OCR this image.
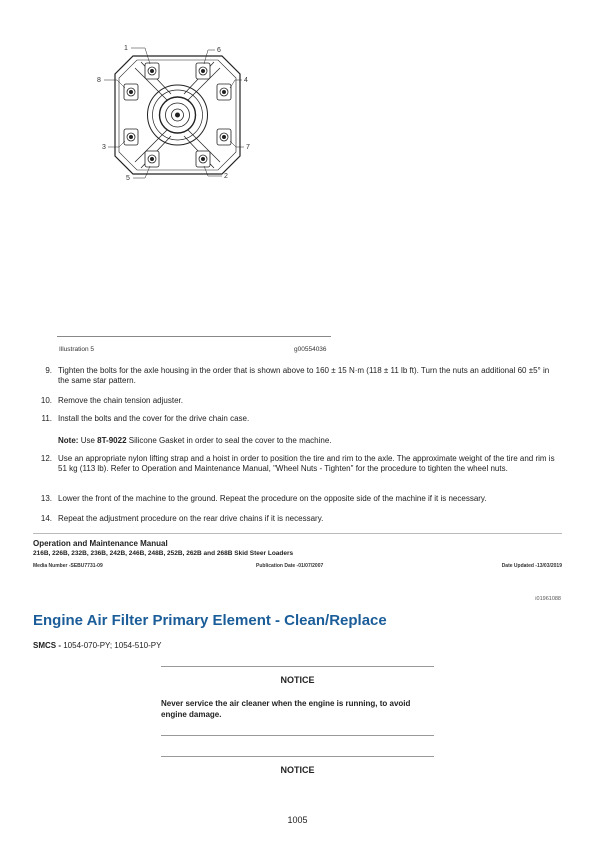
1	6
8	4
3	7
5	2
Illustration 5	g00554036
9. Tighten the bolts for the axle housing in the order that is shown above to 160 ± 15 N·m (118 ± 11 lb ft). Turn the nuts an additional 60 ±5° in the same star pattern.
10. Remove the chain tension adjuster.
11. Install the bolts and the cover for the drive chain case.
Note: Use 8T-9022 Silicone Gasket in order to seal the cover to the machine.
12. Use an appropriate nylon lifting strap and a hoist in order to position the tire and rim to the axle. The approximate weight of the tire and rim is 51 kg (113 lb). Refer to Operation and Maintenance Manual, "Wheel Nuts - Tighten" for the procedure to tighten the wheel nuts.
13. Lower the front of the machine to the ground. Repeat the procedure on the opposite side of the machine if it is necessary.
14. Repeat the adjustment procedure on the rear drive chains if it is necessary.
Operation and Maintenance Manual
216B, 226B, 232B, 236B, 242B, 246B, 248B, 252B, 262B and 268B Skid Steer Loaders
Media Number -SEBU7731-09	Publication Date -01/07/2007	Date Updated -13/03/2019
i01961088
Engine Air Filter Primary Element - Clean/Replace
SMCS - 1054-070-PY; 1054-510-PY
NOTICE
Never service the air cleaner when the engine is running, to avoid engine damage.
NOTICE
1005
